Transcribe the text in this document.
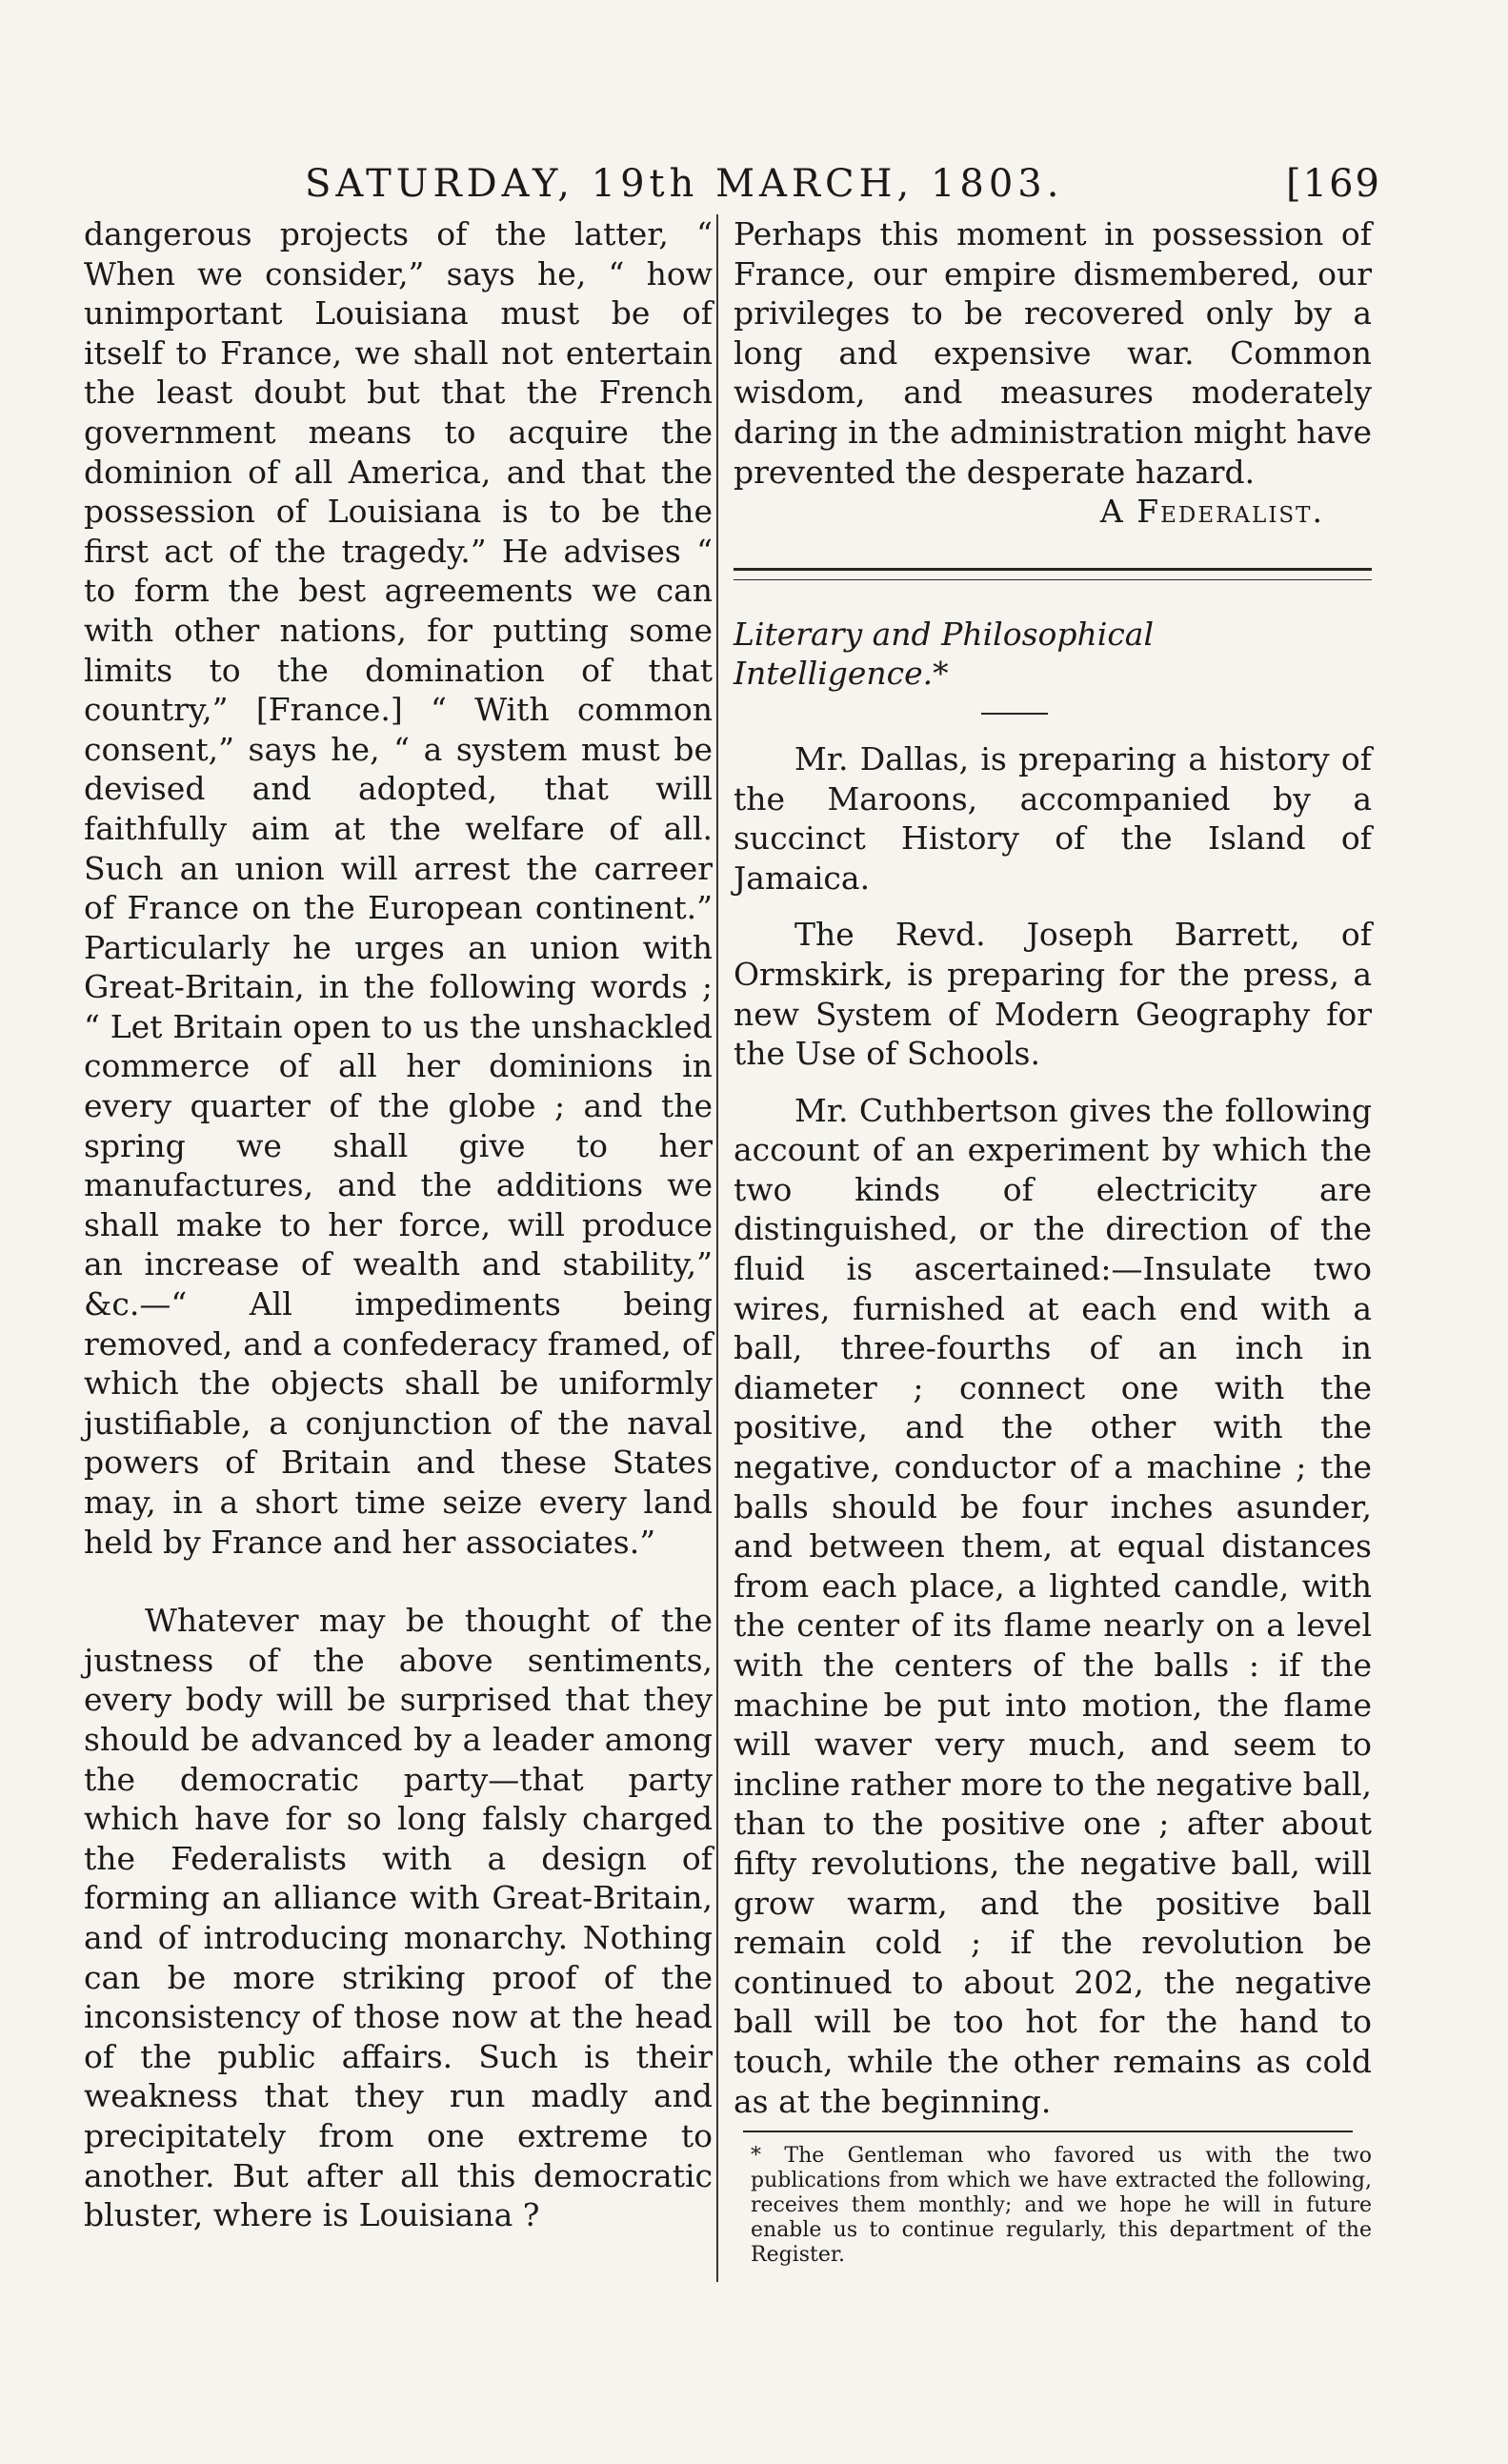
SATURDAY, 19th MARCH, 1803.	[169

dangerous projects of the latter, “ When we consider,” says he, “ how unimportant Louisiana must be of itself to France, we shall not entertain the least doubt but that the French government means to acquire the dominion of all America, and that the possession of Louisiana is to be the first act of the tragedy.” He advises “ to form the best agreements we can with other nations, for putting some limits to the domination of that country,” [France.] “ With common consent,” says he, “ a system must be devised and adopted, that will faithfully aim at the welfare of all. Such an union will arrest the carreer of France on the European continent.” Particularly he urges an union with Great-Britain, in the following words ; “ Let Britain open to us the unshackled commerce of all her dominions in every quarter of the globe ; and the spring we shall give to her manufactures, and the additions we shall make to her force, will produce an increase of wealth and stability,” &c.—“ All impediments being removed, and a confederacy framed, of which the objects shall be uniformly justifiable, a conjunction of the naval powers of Britain and these States may, in a short time seize every land held by France and her associates.”

Whatever may be thought of the justness of the above sentiments, every body will be surprised that they should be advanced by a leader among the democratic party—that party which have for so long falsly charged the Federalists with a design of forming an alliance with Great-Britain, and of introducing monarchy. Nothing can be more striking proof of the inconsistency of those now at the head of the public affairs. Such is their weakness that they run madly and precipitately from one extreme to another. But after all this democratic bluster, where is Louisiana ?

Perhaps this moment in possession of France, our empire dismembered, our privileges to be recovered only by a long and expensive war. Common wisdom, and measures moderately daring in the administration might have prevented the desperate hazard.

A Federalist.

Literary and Philosophical Intelligence.*

Mr. Dallas, is preparing a history of the Maroons, accompanied by a succinct History of the Island of Jamaica.

The Revd. Joseph Barrett, of Ormskirk, is preparing for the press, a new System of Modern Geography for the Use of Schools.

Mr. Cuthbertson gives the following account of an experiment by which the two kinds of electricity are distinguished, or the direction of the fluid is ascertained:—Insulate two wires, furnished at each end with a ball, three-fourths of an inch in diameter ; connect one with the positive, and the other with the negative, conductor of a machine ; the balls should be four inches asunder, and between them, at equal distances from each place, a lighted candle, with the center of its flame nearly on a level with the centers of the balls : if the machine be put into motion, the flame will waver very much, and seem to incline rather more to the negative ball, than to the positive one ; after about fifty revolutions, the negative ball, will grow warm, and the positive ball remain cold ; if the revolution be continued to about 202, the negative ball will be too hot for the hand to touch, while the other remains as cold as at the beginning.

* The Gentleman who favored us with the two publications from which we have extracted the following, receives them monthly; and we hope he will in future enable us to continue regularly, this department of the Register.
